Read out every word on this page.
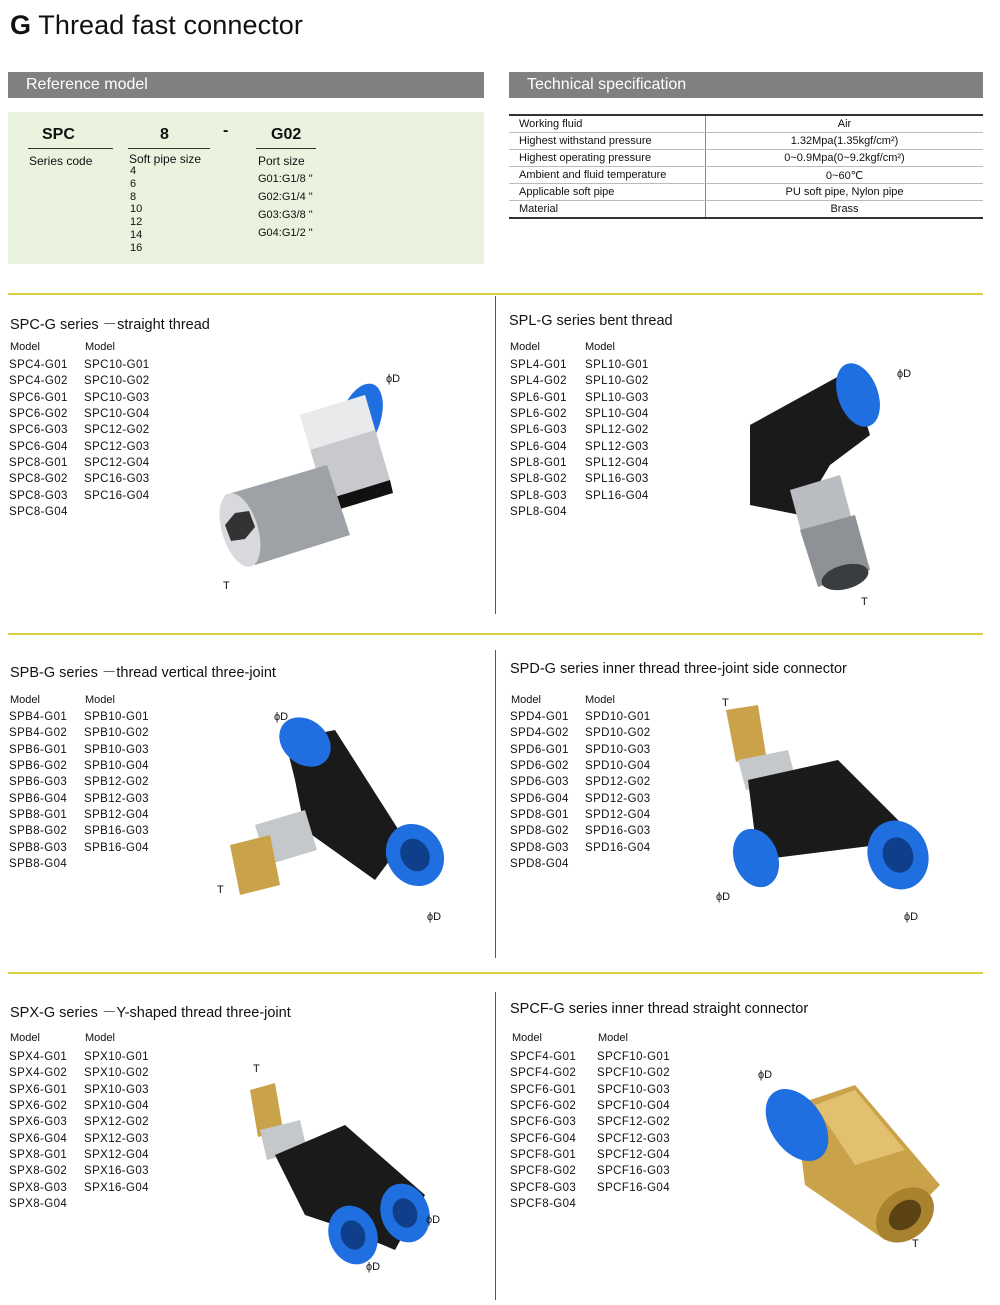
G Thread fast connector
Reference model
SPC	8	-	G02
Series code	Soft pipe size
4
6
8
10
12
14
16
Port size
G01:G1/8 "
G02:G1/4 "
G03:G3/8 "
G04:G1/2 "
Technical specification
Working fluid	Air
Highest withstand pressure	1.32Mpa(1.35kgf/cm²)
Highest operating pressure	0~0.9Mpa(0~9.2kgf/cm²)
Ambient and fluid temperature	0~60℃
Applicable soft pipe	PU soft pipe, Nylon pipe
Material	Brass
SPC-G series －straight thread
Model	Model
SPC4-G01
SPC4-G02
SPC6-G01
SPC6-G02
SPC6-G03
SPC6-G04
SPC8-G01
SPC8-G02
SPC8-G03
SPC8-G04
SPC10-G01
SPC10-G02
SPC10-G03
SPC10-G04
SPC12-G02
SPC12-G03
SPC12-G04
SPC16-G03
SPC16-G04
ϕD
T
SPL-G series bent thread
Model	Model
SPL4-G01
SPL4-G02
SPL6-G01
SPL6-G02
SPL6-G03
SPL6-G04
SPL8-G01
SPL8-G02
SPL8-G03
SPL8-G04
SPL10-G01
SPL10-G02
SPL10-G03
SPL10-G04
SPL12-G02
SPL12-G03
SPL12-G04
SPL16-G03
SPL16-G04
ϕD
T
SPB-G series －thread vertical three-joint
Model	Model
SPB4-G01
SPB4-G02
SPB6-G01
SPB6-G02
SPB6-G03
SPB6-G04
SPB8-G01
SPB8-G02
SPB8-G03
SPB8-G04
SPB10-G01
SPB10-G02
SPB10-G03
SPB10-G04
SPB12-G02
SPB12-G03
SPB12-G04
SPB16-G03
SPB16-G04
ϕD
ϕD
T
SPD-G series inner thread three-joint side connector
Model	Model
SPD4-G01
SPD4-G02
SPD6-G01
SPD6-G02
SPD6-G03
SPD6-G04
SPD8-G01
SPD8-G02
SPD8-G03
SPD8-G04
SPD10-G01
SPD10-G02
SPD10-G03
SPD10-G04
SPD12-G02
SPD12-G03
SPD12-G04
SPD16-G03
SPD16-G04
T
ϕD
ϕD
SPX-G series －Y-shaped thread three-joint
Model	Model
SPX4-G01
SPX4-G02
SPX6-G01
SPX6-G02
SPX6-G03
SPX6-G04
SPX8-G01
SPX8-G02
SPX8-G03
SPX8-G04
SPX10-G01
SPX10-G02
SPX10-G03
SPX10-G04
SPX12-G02
SPX12-G03
SPX12-G04
SPX16-G03
SPX16-G04
T
ϕD
ϕD
SPCF-G series inner thread straight connector
Model	Model
SPCF4-G01
SPCF4-G02
SPCF6-G01
SPCF6-G02
SPCF6-G03
SPCF6-G04
SPCF8-G01
SPCF8-G02
SPCF8-G03
SPCF8-G04
SPCF10-G01
SPCF10-G02
SPCF10-G03
SPCF10-G04
SPCF12-G02
SPCF12-G03
SPCF12-G04
SPCF16-G03
SPCF16-G04
ϕD
T
